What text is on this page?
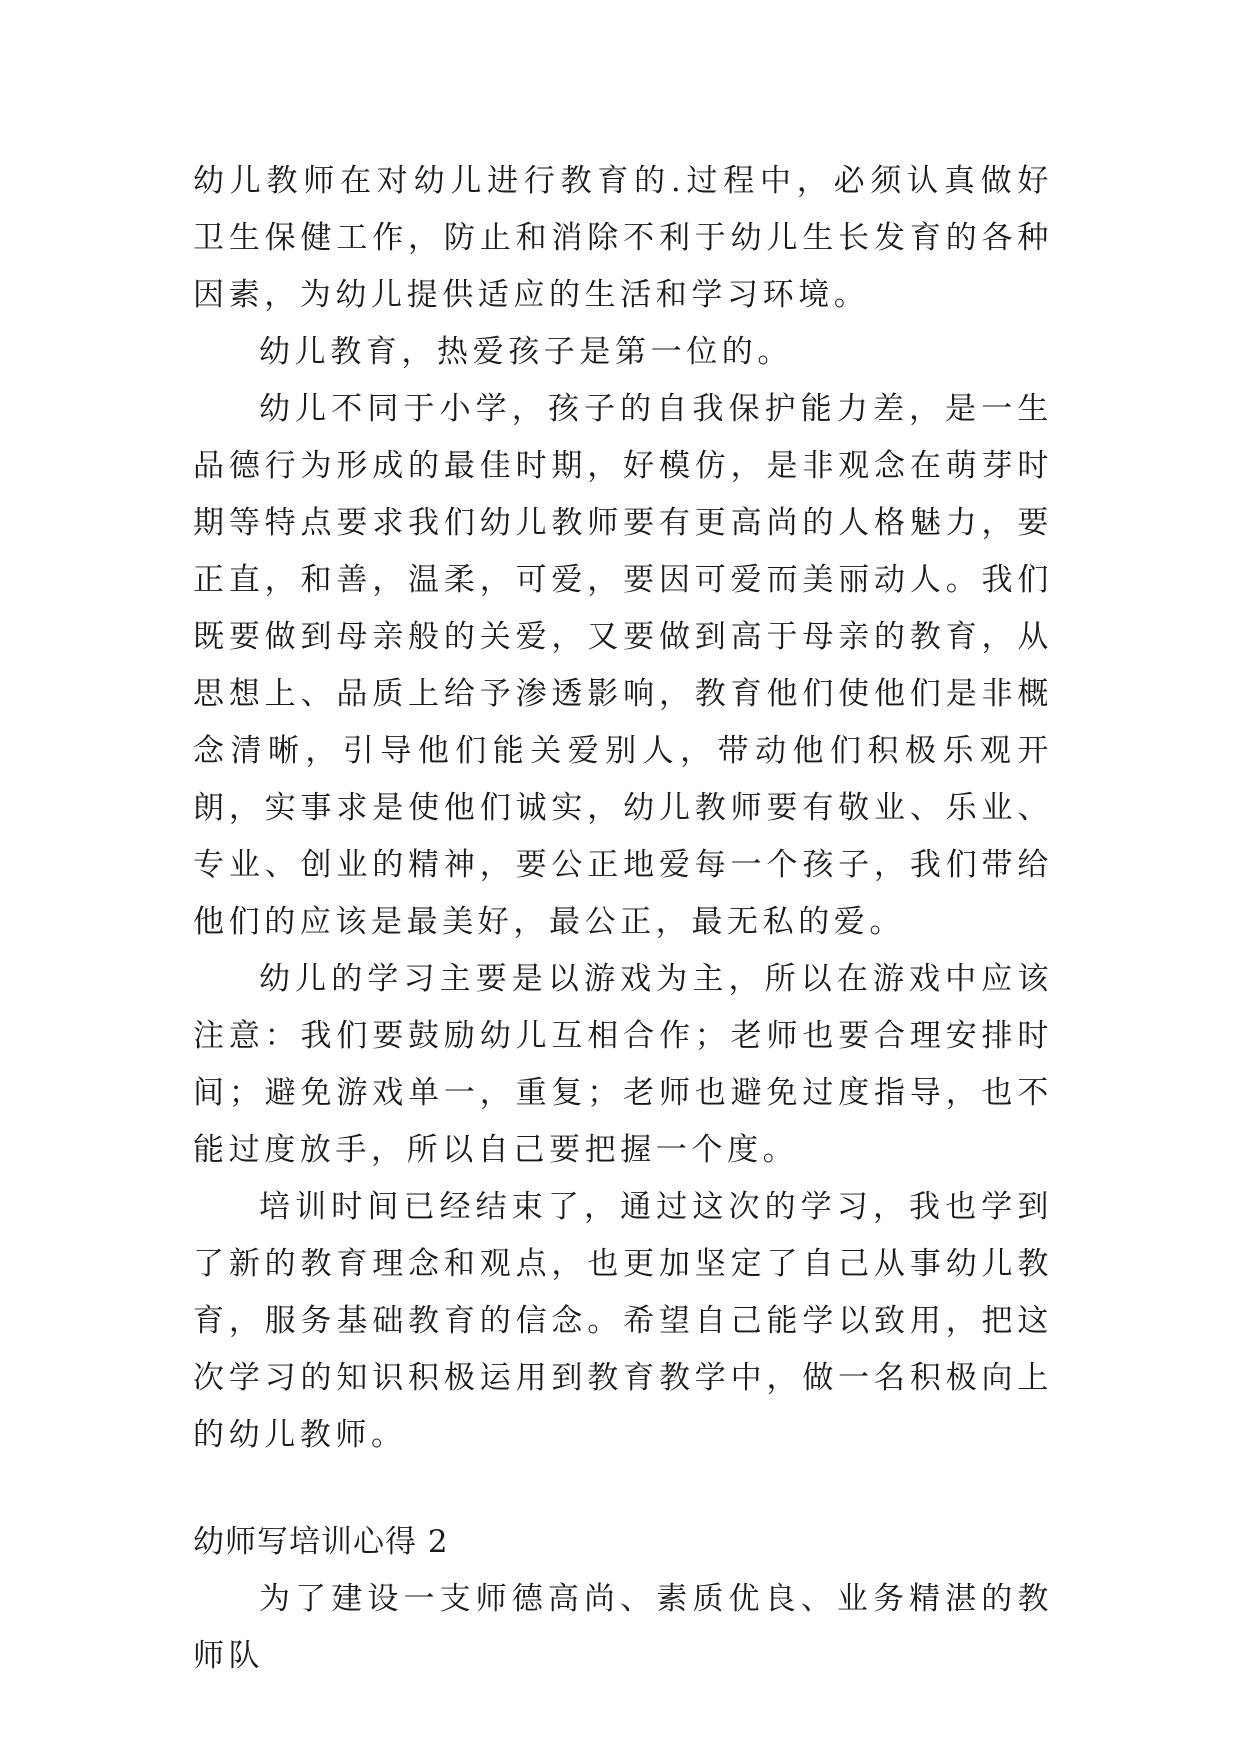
幼儿教师在对幼儿进行教育的.过程中，必须认真做好卫生保健工作，防止和消除不利于幼儿生长发育的各种因素，为幼儿提供适应的生活和学习环境。

幼儿教育，热爱孩子是第一位的。

幼儿不同于小学，孩子的自我保护能力差，是一生品德行为形成的最佳时期，好模仿，是非观念在萌芽时期等特点要求我们幼儿教师要有更高尚的人格魅力，要正直，和善，温柔，可爱，要因可爱而美丽动人。我们既要做到母亲般的关爱，又要做到高于母亲的教育，从思想上、品质上给予渗透影响，教育他们使他们是非概念清晰，引导他们能关爱别人，带动他们积极乐观开朗，实事求是使他们诚实，幼儿教师要有敬业、乐业、专业、创业的精神，要公正地爱每一个孩子，我们带给他们的应该是最美好，最公正，最无私的爱。

幼儿的学习主要是以游戏为主，所以在游戏中应该注意：我们要鼓励幼儿互相合作；老师也要合理安排时间；避免游戏单一，重复；老师也避免过度指导，也不能过度放手，所以自己要把握一个度。

培训时间已经结束了，通过这次的学习，我也学到了新的教育理念和观点，也更加坚定了自己从事幼儿教育，服务基础教育的信念。希望自己能学以致用，把这次学习的知识积极运用到教育教学中，做一名积极向上的幼儿教师。

幼师写培训心得 2

为了建设一支师德高尚、素质优良、业务精湛的教师队
